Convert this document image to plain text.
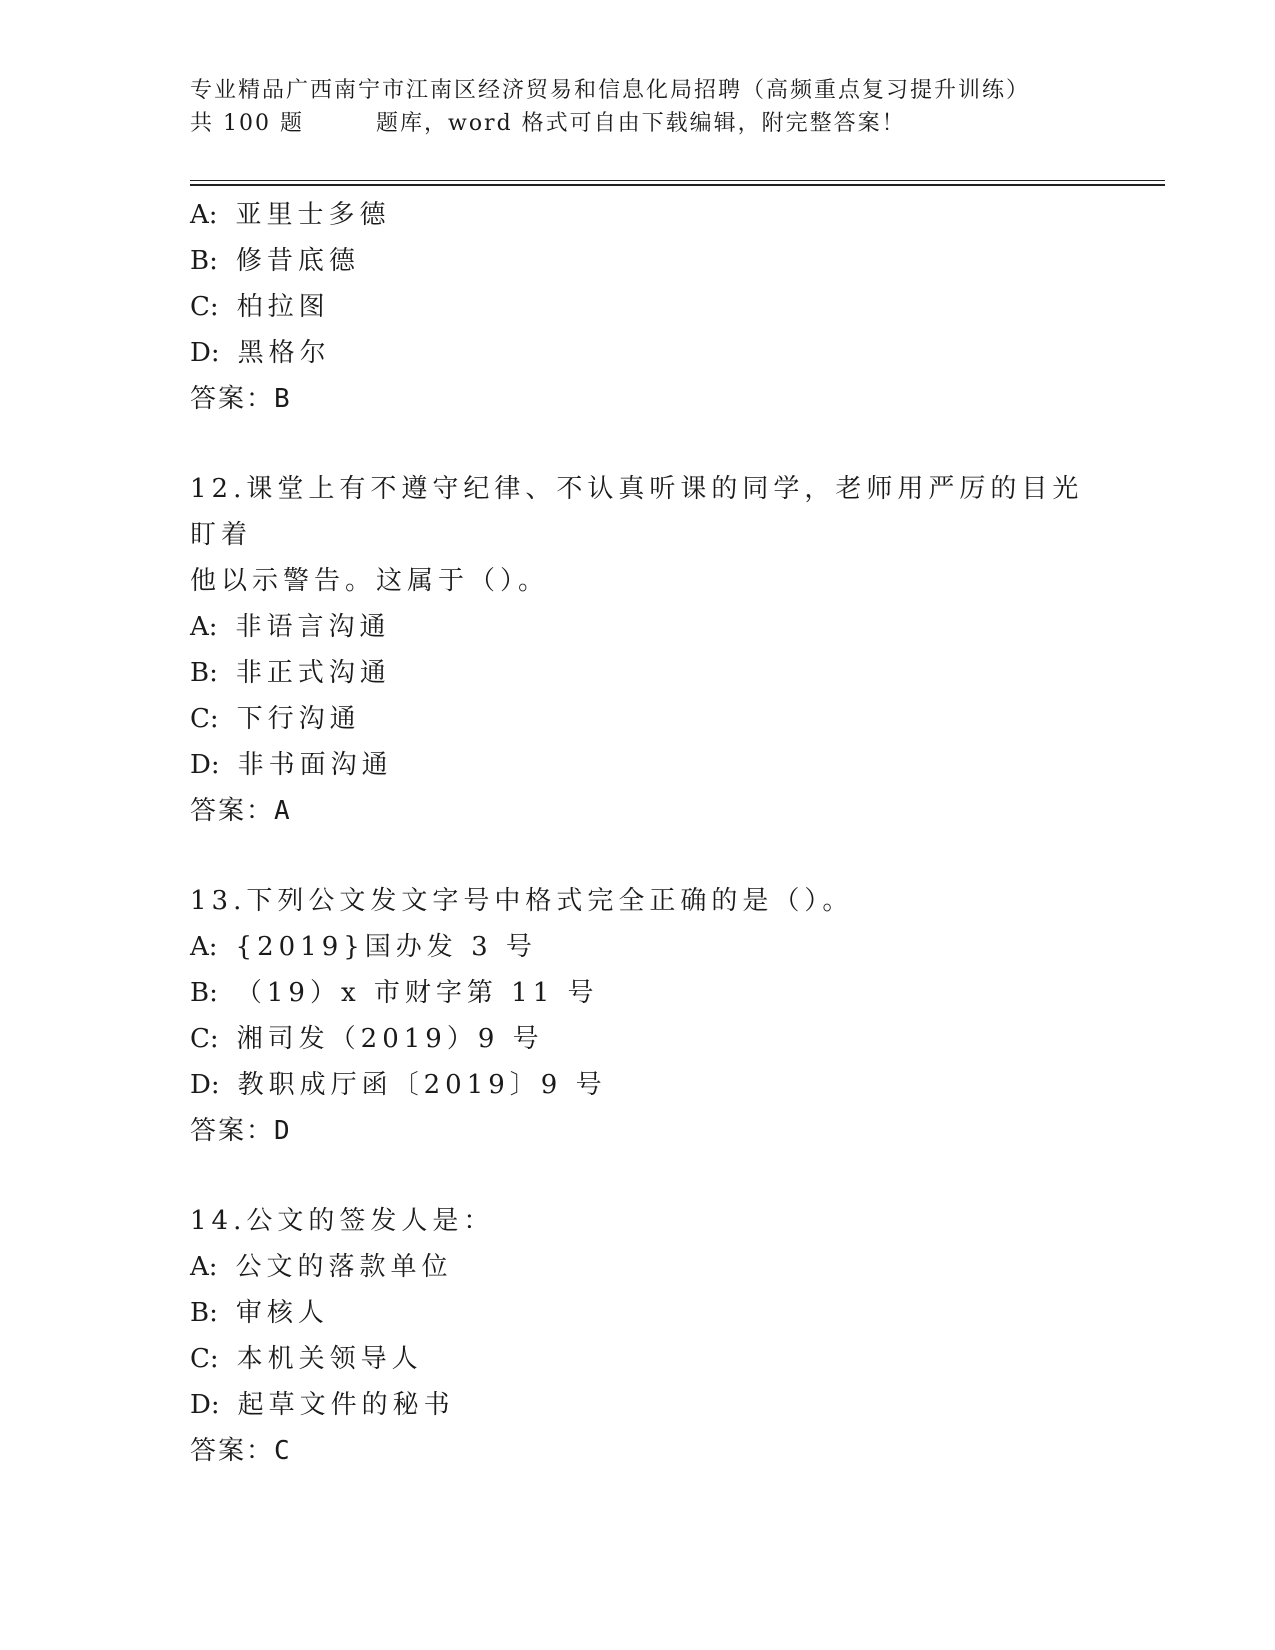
专业精品广西南宁市江南区经济贸易和信息化局招聘（高频重点复习提升训练）
共 100 题	题库，word 格式可自由下载编辑，附完整答案！
A: 亚里士多德
B: 修昔底德
C: 柏拉图
D: 黑格尔
答案：B
12.课堂上有不遵守纪律、不认真听课的同学，老师用严厉的目光盯着
他以示警告。这属于（）。
A: 非语言沟通
B: 非正式沟通
C: 下行沟通
D: 非书面沟通
答案：A
13.下列公文发文字号中格式完全正确的是（）。
A: {2019}国办发 3 号
B: （19）x 市财字第 11 号
C: 湘司发（2019）9 号
D: 教职成厅函〔2019〕9 号
答案：D
14.公文的签发人是：
A: 公文的落款单位
B: 审核人
C: 本机关领导人
D: 起草文件的秘书
答案：C
